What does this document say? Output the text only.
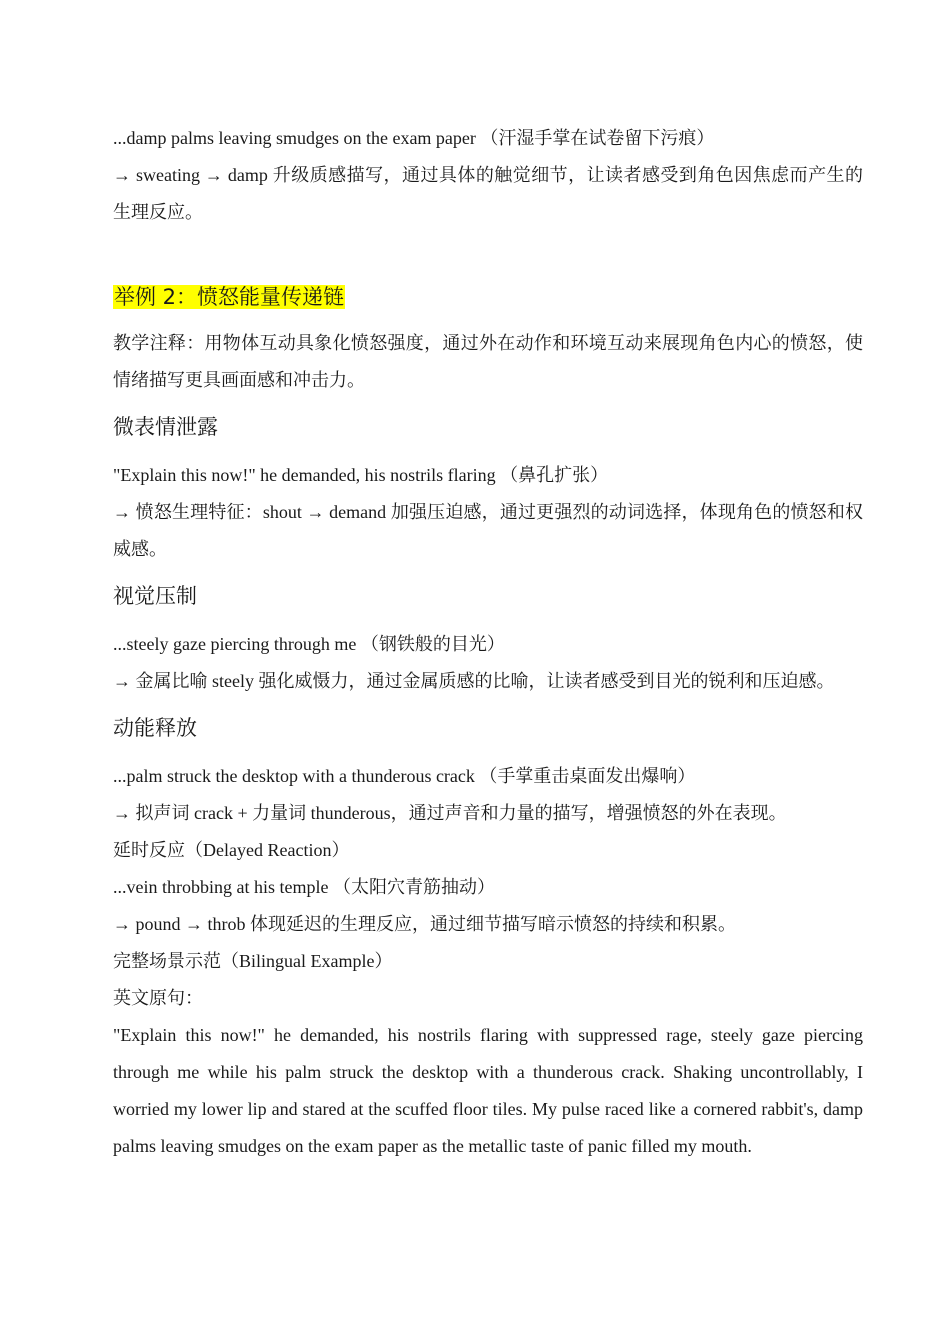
...damp palms leaving smudges on the exam paper （汗湿手掌在试卷留下污痕）

→ sweating → damp 升级质感描写，通过具体的触觉细节，让读者感受到角色因焦虑而产生的生理反应。

举例 2：愤怒能量传递链

教学注释：用物体互动具象化愤怒强度，通过外在动作和环境互动来展现角色内心的愤怒，使情绪描写更具画面感和冲击力。

微表情泄露

"Explain this now!" he demanded, his nostrils flaring （鼻孔扩张）

→ 愤怒生理特征：shout → demand 加强压迫感，通过更强烈的动词选择，体现角色的愤怒和权威感。

视觉压制

...steely gaze piercing through me （钢铁般的目光）

→ 金属比喻 steely 强化威慑力，通过金属质感的比喻，让读者感受到目光的锐利和压迫感。

动能释放

...palm struck the desktop with a thunderous crack （手掌重击桌面发出爆响）

→ 拟声词 crack + 力量词 thunderous，通过声音和力量的描写，增强愤怒的外在表现。

延时反应（Delayed Reaction）

...vein throbbing at his temple （太阳穴青筋抽动）

→ pound → throb 体现延迟的生理反应，通过细节描写暗示愤怒的持续和积累。

完整场景示范（Bilingual Example）

英文原句：

"Explain this now!" he demanded, his nostrils flaring with suppressed rage, steely gaze piercing through me while his palm struck the desktop with a thunderous crack. Shaking uncontrollably, I worried my lower lip and stared at the scuffed floor tiles. My pulse raced like a cornered rabbit's, damp palms leaving smudges on the exam paper as the metallic taste of panic filled my mouth.
